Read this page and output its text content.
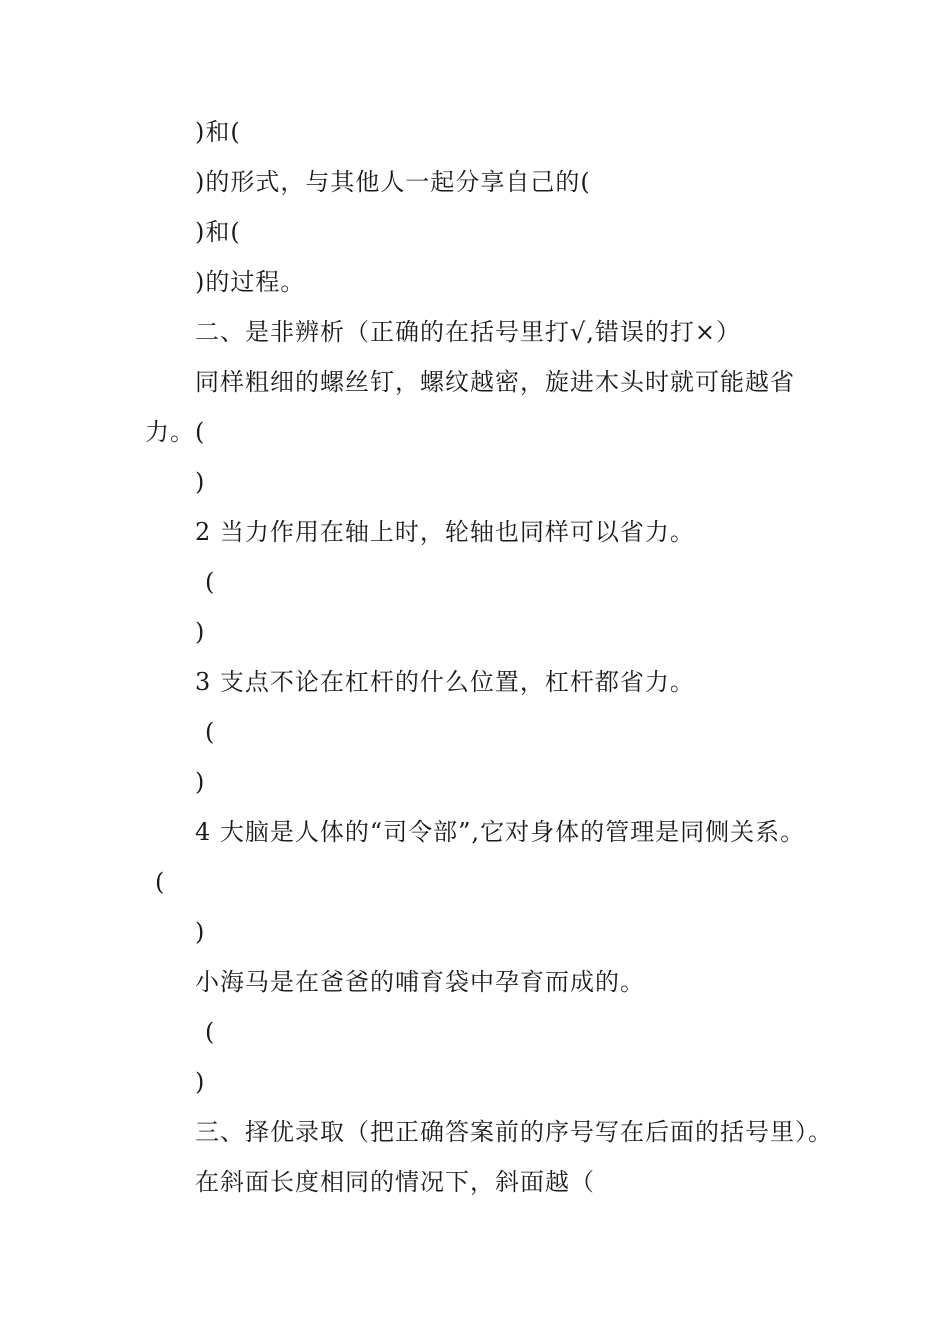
)和(
)的形式，与其他人一起分享自己的(
)和(
)的过程。
二、是非辨析（正确的在括号里打√,错误的打×）
同样粗细的螺丝钉，螺纹越密，旋进木头时就可能越省
力。(
)
2 当力作用在轴上时，轮轴也同样可以省力。
(
)
3 支点不论在杠杆的什么位置，杠杆都省力。
(
)
4 大脑是人体的“司令部”,它对身体的管理是同侧关系。
(
)
小海马是在爸爸的哺育袋中孕育而成的。
(
)
三、择优录取（把正确答案前的序号写在后面的括号里）。
在斜面长度相同的情况下，斜面越（
